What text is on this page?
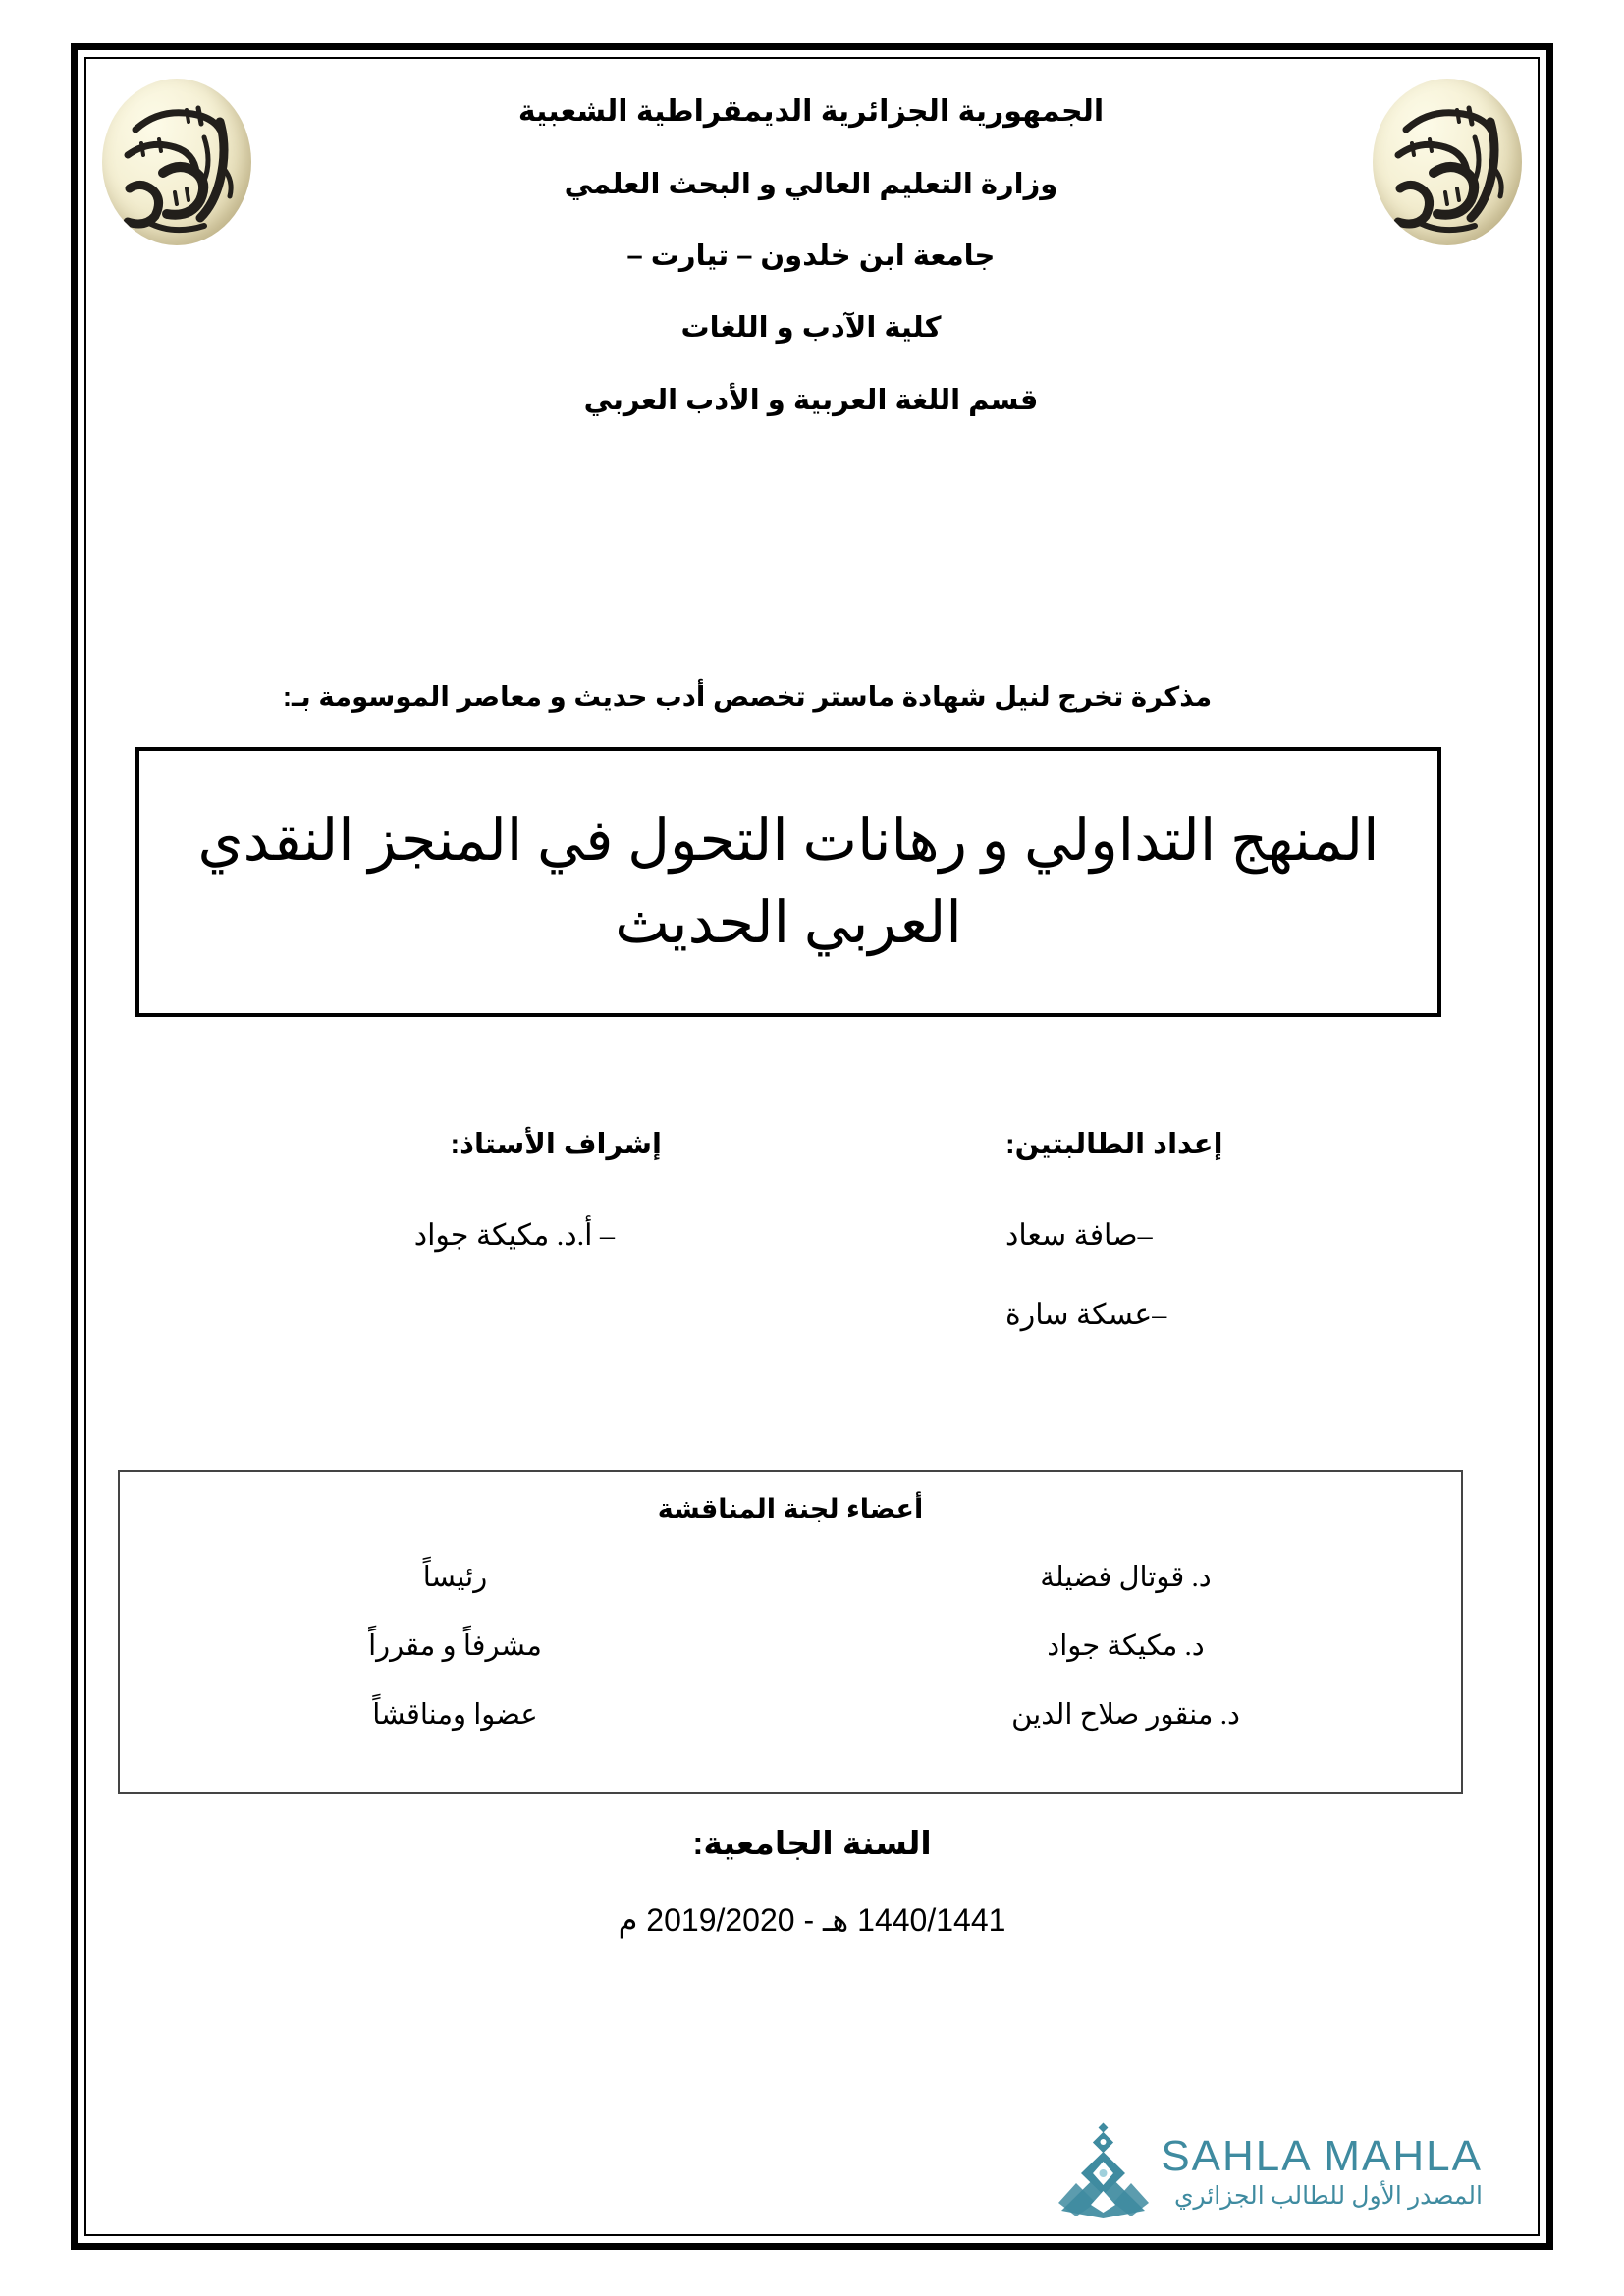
الجمهورية الجزائرية الديمقراطية الشعبية
وزارة التعليم العالي و البحث العلمي
جامعة ابن خلدون – تيارت –
كلية الآدب و اللغات
قسم اللغة العربية و الأدب العربي
مذكرة تخرج لنيل شهادة ماستر تخصص أدب حديث و معاصر الموسومة بـ:
المنهج التداولي و رهانات التحول في المنجز النقدي العربي الحديث
إعداد الطالبتين:
–صافة سعاد
–عسكة سارة
إشراف الأستاذ:
– أ.د. مكيكة جواد
أعضاء لجنة المناقشة
د. قوتال فضيلة
رئيساً
د. مكيكة جواد
مشرفاً و مقرراً
د. منقور صلاح الدين
عضوا ومناقشاً
السنة الجامعية:
1440/1441 هـ - 2019/2020 م
SAHLA MAHLA
المصدر الأول للطالب الجزائري
